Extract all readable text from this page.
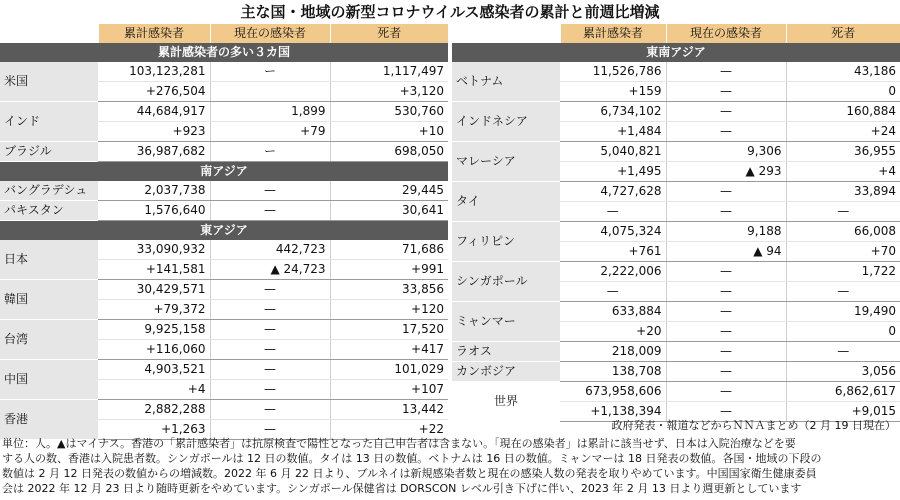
主な国・地域の新型コロナウイルス感染者の累計と前週比増減
	累計感染者	現在の感染者	死者
累計感染者の多い３カ国			
米国	103,123,281	ー	1,117,497
	+276,504		+3,120
インド	44,684,917	1,899	530,760
	+923	+79	+10
ブラジル	36,987,682	ー	698,050
南アジア			
バングラデシュ	2,037,738	—	29,445
パキスタン	1,576,640	—	30,641
東アジア			
日本	33,090,932	442,723	71,686
	+141,581	▲ 24,723	+991
韓国	30,429,571	—	33,856
	+79,372	—	+120
台湾	9,925,158	—	17,520
	+116,060	—	+417
中国	4,903,521	—	101,029
	+4	—	+107
香港	2,882,288	—	13,442
	+1,263	—	+22
	累計感染者	現在の感染者	死者
東南アジア			
ベトナム	11,526,786	—	43,186
	+159	—	0
インドネシア	6,734,102	—	160,884
	+1,484	—	+24
マレーシア	5,040,821	9,306	36,955
	+1,495	▲ 293	+4
タイ	4,727,628	—	33,894
	—	—	—
フィリピン	4,075,324	9,188	66,008
	+761	▲ 94	+70
シンガポール	2,222,006	—	1,722
	—	—	—
ミャンマー	633,884	—	19,490
	+20	—	0
ラオス	218,009	—	—
カンボジア	138,708	—	3,056
世界	673,958,606	—	6,862,617
	+1,138,394	—	+9,015
政府発表・報道などからＮＮＡまとめ（2 月 19 日現在）

単位：人。▲はマイナス。香港の「累計感染者」は抗原検査で陽性となった自己申告者は含まない。「現在の感染者」は累計に該当せず、日本は入院治療などを要

する人の数、香港は入院患者数。シンガポールは 12 日の数値。タイは 13 日の数値。ベトナムは 16 日の数値。ミャンマーは 18 日発表の数値。各国・地域の下段の

数値は 2 月 12 日発表の数値からの増減数。2022 年 6 月 22 日より、ブルネイは新規感染者数と現在の感染人数の発表を取りやめています。中国国家衛生健康委員

会は 2022 年 12 月 23 日より随時更新をやめています。シンガポール保健省は DORSCON レベル引き下げに伴い、2023 年 2 月 13 日より週更新としています
